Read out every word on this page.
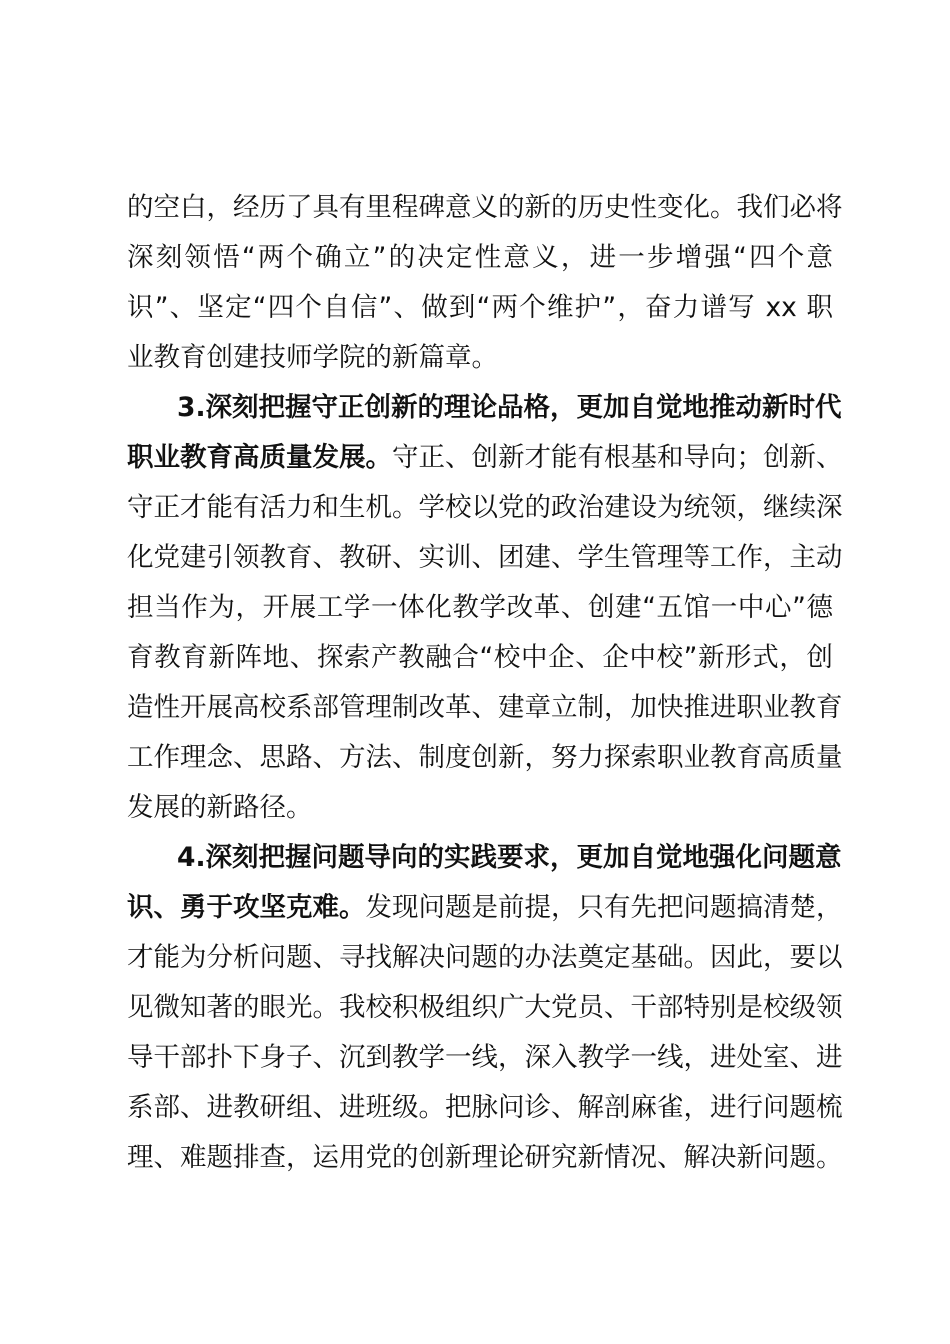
的空白，经历了具有里程碑意义的新的历史性变化。我们必将
深刻领悟“两个确立”的决定性意义，进一步增强“四个意
识”、坚定“四个自信”、做到“两个维护”，奋力谱写 xx 职
业教育创建技师学院的新篇章。
3.深刻把握守正创新的理论品格，更加自觉地推动新时代
职业教育高质量发展。守正、创新才能有根基和导向；创新、
守正才能有活力和生机。学校以党的政治建设为统领，继续深
化党建引领教育、教研、实训、团建、学生管理等工作，主动
担当作为，开展工学一体化教学改革、创建“五馆一中心”德
育教育新阵地、探索产教融合“校中企、企中校”新形式，创
造性开展高校系部管理制改革、建章立制，加快推进职业教育
工作理念、思路、方法、制度创新，努力探索职业教育高质量
发展的新路径。
4.深刻把握问题导向的实践要求，更加自觉地强化问题意
识、勇于攻坚克难。发现问题是前提，只有先把问题搞清楚，
才能为分析问题、寻找解决问题的办法奠定基础。因此，要以
见微知著的眼光。我校积极组织广大党员、干部特别是校级领
导干部扑下身子、沉到教学一线，深入教学一线，进处室、进
系部、进教研组、进班级。把脉问诊、解剖麻雀，进行问题梳
理、难题排查，运用党的创新理论研究新情况、解决新问题。
